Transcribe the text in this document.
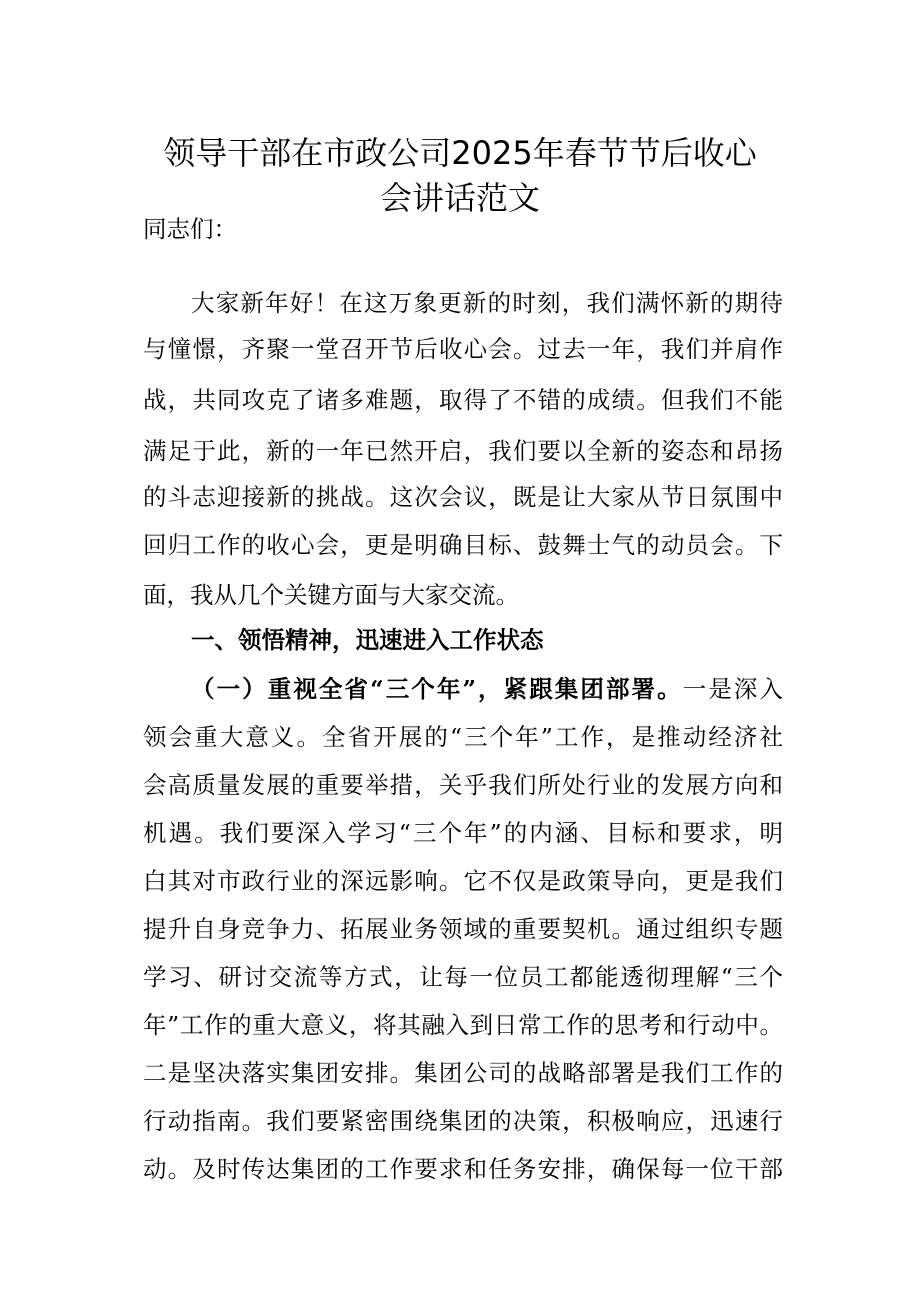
领导干部在市政公司2025年春节节后收心
会讲话范文
同志们：
大家新年好！在这万象更新的时刻，我们满怀新的期待
与憧憬，齐聚一堂召开节后收心会。过去一年，我们并肩作
战，共同攻克了诸多难题，取得了不错的成绩。但我们不能
满足于此，新的一年已然开启，我们要以全新的姿态和昂扬
的斗志迎接新的挑战。这次会议，既是让大家从节日氛围中
回归工作的收心会，更是明确目标、鼓舞士气的动员会。下
面，我从几个关键方面与大家交流。
一、领悟精神，迅速进入工作状态
（一）重视全省“三个年”，紧跟集团部署。一是深入
领会重大意义。全省开展的“三个年”工作，是推动经济社
会高质量发展的重要举措，关乎我们所处行业的发展方向和
机遇。我们要深入学习“三个年”的内涵、目标和要求，明
白其对市政行业的深远影响。它不仅是政策导向，更是我们
提升自身竞争力、拓展业务领域的重要契机。通过组织专题
学习、研讨交流等方式，让每一位员工都能透彻理解“三个
年”工作的重大意义，将其融入到日常工作的思考和行动中。
二是坚决落实集团安排。集团公司的战略部署是我们工作的
行动指南。我们要紧密围绕集团的决策，积极响应，迅速行
动。及时传达集团的工作要求和任务安排，确保每一位干部
